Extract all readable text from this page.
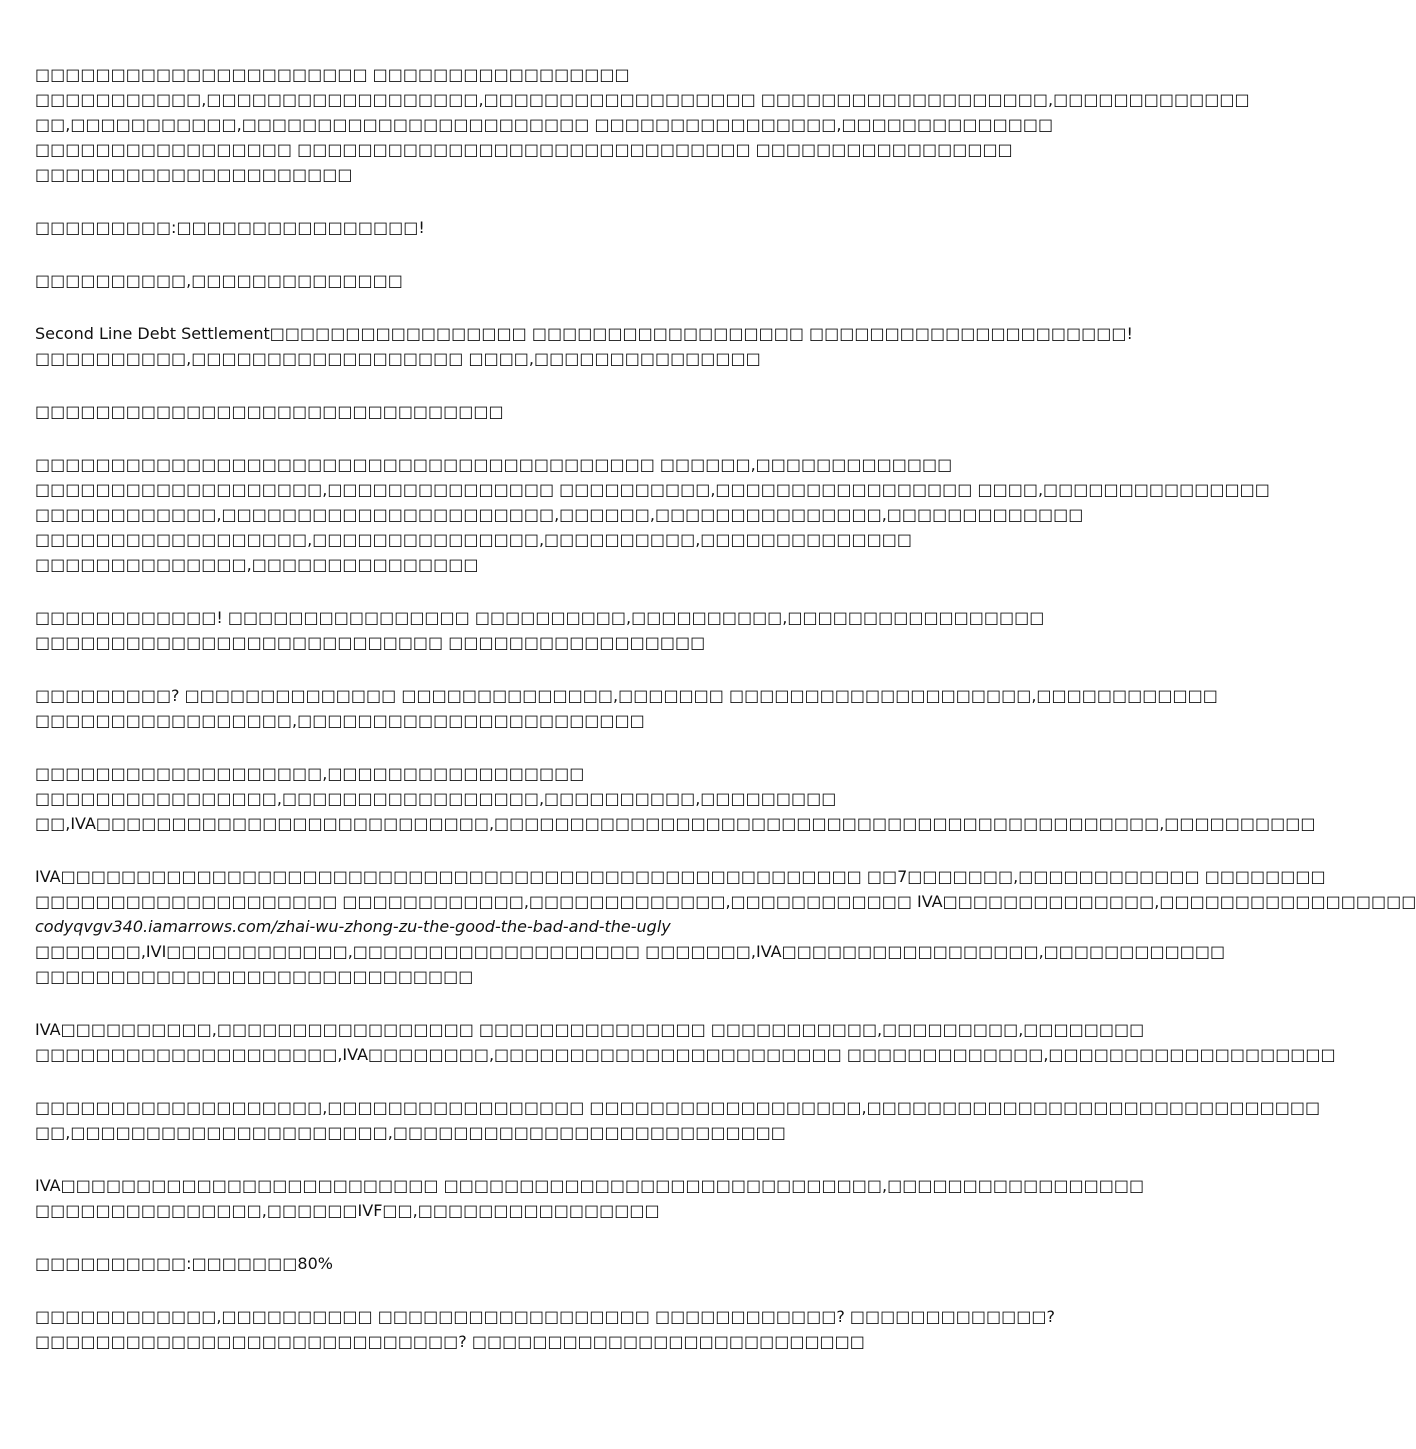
□□□□□□□□□□□□□□□□□□□□□□ □□□□□□□□□□□□□□□□□
□□□□□□□□□□□,□□□□□□□□□□□□□□□□□□,□□□□□□□□□□□□□□□□□□ □□□□□□□□□□□□□□□□□□□,□□□□□□□□□□□□□
□□,□□□□□□□□□□□,□□□□□□□□□□□□□□□□□□□□□□□ □□□□□□□□□□□□□□□□,□□□□□□□□□□□□□□
□□□□□□□□□□□□□□□□□ □□□□□□□□□□□□□□□□□□□□□□□□□□□□□□ □□□□□□□□□□□□□□□□□
□□□□□□□□□□□□□□□□□□□□□
□□□□□□□□□:□□□□□□□□□□□□□□□□!
□□□□□□□□□□,□□□□□□□□□□□□□□
Second Line Debt Settlement□□□□□□□□□□□□□□□□□ □□□□□□□□□□□□□□□□□□ □□□□□□□□□□□□□□□□□□□□□!
□□□□□□□□□□,□□□□□□□□□□□□□□□□□□ □□□□,□□□□□□□□□□□□□□□
□□□□□□□□□□□□□□□□□□□□□□□□□□□□□□□
□□□□□□□□□□□□□□□□□□□□□□□□□□□□□□□□□□□□□□□□□ □□□□□□,□□□□□□□□□□□□□
□□□□□□□□□□□□□□□□□□□,□□□□□□□□□□□□□□□ □□□□□□□□□□,□□□□□□□□□□□□□□□□□ □□□□,□□□□□□□□□□□□□□□
□□□□□□□□□□□□,□□□□□□□□□□□□□□□□□□□□□□,□□□□□□,□□□□□□□□□□□□□□□,□□□□□□□□□□□□□
□□□□□□□□□□□□□□□□□□,□□□□□□□□□□□□□□□,□□□□□□□□□□,□□□□□□□□□□□□□□
□□□□□□□□□□□□□□,□□□□□□□□□□□□□□□
□□□□□□□□□□□□! □□□□□□□□□□□□□□□□ □□□□□□□□□□,□□□□□□□□□□,□□□□□□□□□□□□□□□□□
□□□□□□□□□□□□□□□□□□□□□□□□□□□ □□□□□□□□□□□□□□□□□
□□□□□□□□□? □□□□□□□□□□□□□□ □□□□□□□□□□□□□□,□□□□□□□ □□□□□□□□□□□□□□□□□□□□,□□□□□□□□□□□□
□□□□□□□□□□□□□□□□□,□□□□□□□□□□□□□□□□□□□□□□□
□□□□□□□□□□□□□□□□□□□,□□□□□□□□□□□□□□□□□
□□□□□□□□□□□□□□□□,□□□□□□□□□□□□□□□□□,□□□□□□□□□□,□□□□□□□□□
□□,IVA□□□□□□□□□□□□□□□□□□□□□□□□□□,□□□□□□□□□□□□□□□□□□□□□□□□□□□□□□□□□□□□□□□□□□□□,□□□□□□□□□□
IVA□□□□□□□□□□□□□□□□□□□□□□□□□□□□□□□□□□□□□□□□□□□□□□□□□□□□□ □□7□□□□□□□,□□□□□□□□□□□□ □□□□□□□□
□□□□□□□□□□□□□□□□□□□□ □□□□□□□□□□□□,□□□□□□□□□□□□□,□□□□□□□□□□□□ IVA□□□□□□□□□□□□□□,□□□□□□□□□□□□□□□□□
codyqvgv340.iamarrows.com/zhai-wu-zhong-zu-the-good-the-bad-and-the-ugly
□□□□□□□,IVI□□□□□□□□□□□□,□□□□□□□□□□□□□□□□□□□ □□□□□□□,IVA□□□□□□□□□□□□□□□□□,□□□□□□□□□□□□
□□□□□□□□□□□□□□□□□□□□□□□□□□□□□
IVA□□□□□□□□□□,□□□□□□□□□□□□□□□□□ □□□□□□□□□□□□□□□ □□□□□□□□□□□,□□□□□□□□□,□□□□□□□□
□□□□□□□□□□□□□□□□□□□□,IVA□□□□□□□□,□□□□□□□□□□□□□□□□□□□□□□□ □□□□□□□□□□□□□,□□□□□□□□□□□□□□□□□□□
□□□□□□□□□□□□□□□□□□□,□□□□□□□□□□□□□□□□□ □□□□□□□□□□□□□□□□□□,□□□□□□□□□□□□□□□□□□□□□□□□□□□□□□
□□,□□□□□□□□□□□□□□□□□□□□□,□□□□□□□□□□□□□□□□□□□□□□□□□□
IVA□□□□□□□□□□□□□□□□□□□□□□□□□ □□□□□□□□□□□□□□□□□□□□□□□□□□□□□,□□□□□□□□□□□□□□□□□
□□□□□□□□□□□□□□□,□□□□□□IVF□□,□□□□□□□□□□□□□□□□
□□□□□□□□□□:□□□□□□□80%
□□□□□□□□□□□□,□□□□□□□□□□ □□□□□□□□□□□□□□□□□□ □□□□□□□□□□□□? □□□□□□□□□□□□□?
□□□□□□□□□□□□□□□□□□□□□□□□□□□□? □□□□□□□□□□□□□□□□□□□□□□□□□□
